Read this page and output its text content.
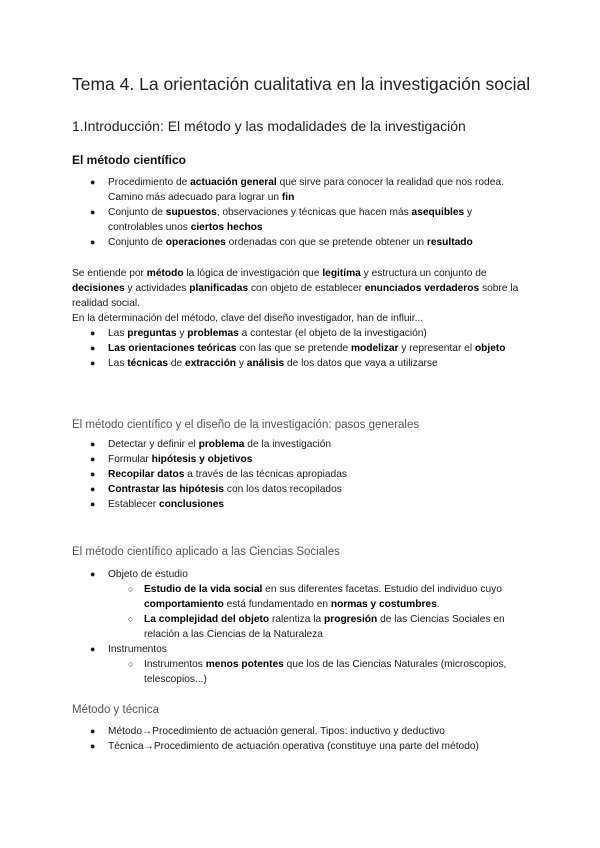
Tema 4. La orientación cualitativa en la investigación social
1.Introducción: El método y las modalidades de la investigación
El método científico
● Procedimiento de actuación general que sirve para conocer la realidad que nos rodea. Camino más adecuado para lograr un fin
● Conjunto de supuestos, observaciones y técnicas que hacen más asequibles y controlables unos ciertos hechos
● Conjunto de operaciones ordenadas con que se pretende obtener un resultado
Se entiende por método la lógica de investigación que legitíma y estructura un conjunto de decisiones y actividades planificadas con objeto de establecer enunciados verdaderos sobre la realidad social.
En la determinación del método, clave del diseño investigador, han de influir...
● Las preguntas y problemas a contestar (el objeto de la investigación)
● Las orientaciones teóricas con las que se pretende modelizar y representar el objeto
● Las técnicas de extracción y análisis de los datos que vaya a utilizarse
El método científico y el diseño de la investigación: pasos generales
● Detectar y definir el problema de la investigación
● Formular hipótesis y objetivos
● Recopilar datos a través de las técnicas apropiadas
● Contrastar las hipótesis con los datos recopilados
● Establecer conclusiones
El método científico aplicado a las Ciencias Sociales
● Objeto de estudio
○ Estudio de la vida social en sus diferentes facetas. Estudio del individuo cuyo comportamiento está fundamentado en normas y costumbres.
○ La complejidad del objeto ralentiza la progresión de las Ciencias Sociales en relación a las Ciencias de la Naturaleza
● Instrumentos
○ Instrumentos menos potentes que los de las Ciencias Naturales (microscopios, telescopios...)
Método y técnica
● Método→Procedimiento de actuación general. Tipos: inductivo y deductivo
● Técnica→Procedimiento de actuación operativa (constituye una parte del método)
